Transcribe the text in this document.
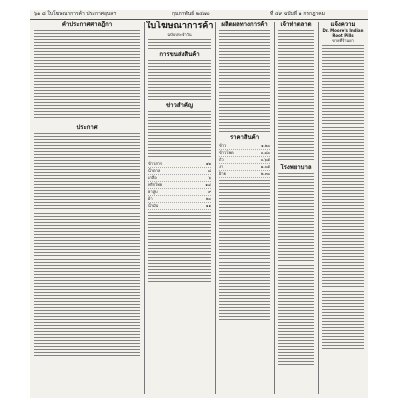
๖๑ ๘ ใบโฆษณาการค้า ประกาศอุบลฯ	กุมภาพันธ์ ๒๔๗๐	ที่ ๔๙ ฉบับที่ ๑ กรกฎาคม
คำประกาศศาลฎีกา
ประกาศ
ใบโฆษณาการค้า
ฉบับประจำวัน
การขนส่งสินค้า
ข่าวสำคัญ
ข้าวสาร	๑๒
น้ำตาล	๘
เกลือ	๖
พริกไทย	๑๔
ยาสูบ	๙
ผ้า	๒๐
น้ำมัน	๑๑
ผลิตผลทางการค้า
ราคาสินค้า
ข้าว	๑.๒๐
ข้าวโพด	๐.๘๐
ถั่ว	๐.๖๕
งา	๑.๐๕
ฝ้าย	๒.๓๐
เจ้าท่าตลาด
โรงพยาบาล
แจ้งความ
Dr. Moore's Indian Root Pills
ขายที่ร้านยา
